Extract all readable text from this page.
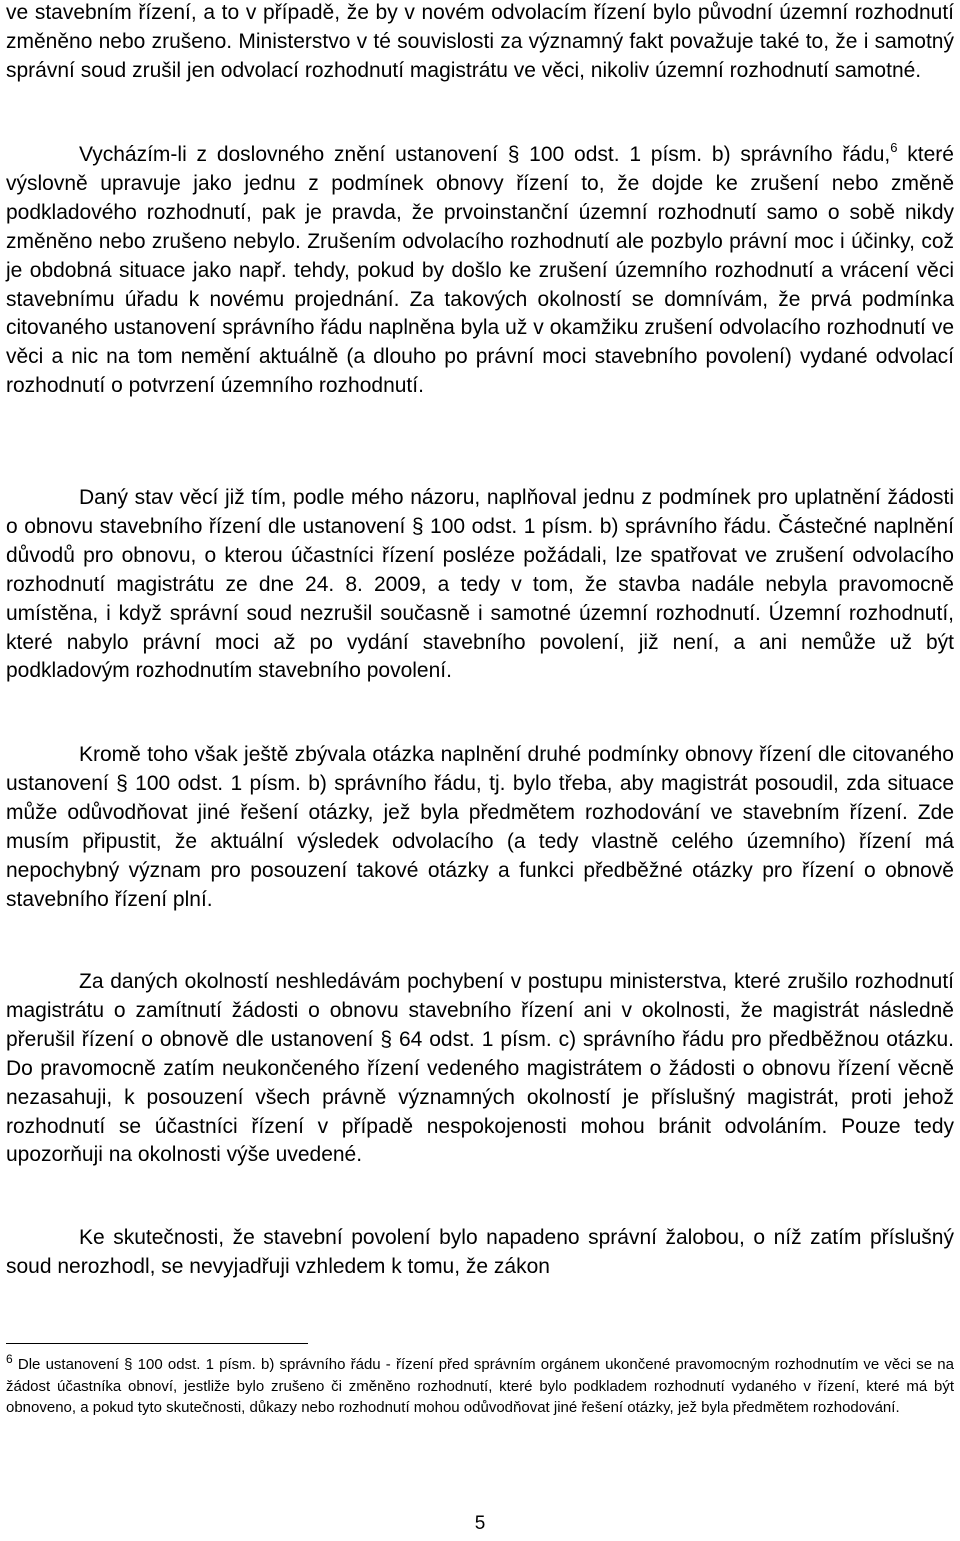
ve stavebním řízení, a to v případě, že by v novém odvolacím řízení bylo původní územní rozhodnutí změněno nebo zrušeno. Ministerstvo v té souvislosti za významný fakt považuje také to, že i samotný správní soud zrušil jen odvolací rozhodnutí magistrátu ve věci, nikoliv územní rozhodnutí samotné.

Vycházím-li z doslovného znění ustanovení § 100 odst. 1 písm. b) správního řádu,$^6$ které výslovně upravuje jako jednu z podmínek obnovy řízení to, že dojde ke zrušení nebo změně podkladového rozhodnutí, pak je pravda, že prvoinstanční územní rozhodnutí samo o sobě nikdy změněno nebo zrušeno nebylo. Zrušením odvolacího rozhodnutí ale pozbylo právní moc i účinky, což je obdobná situace jako např. tehdy, pokud by došlo ke zrušení územního rozhodnutí a vrácení věci stavebnímu úřadu k novému projednání. Za takových okolností se domnívám, že prvá podmínka citovaného ustanovení správního řádu naplněna byla už v okamžiku zrušení odvolacího rozhodnutí ve věci a nic na tom nemění aktuálně (a dlouho po právní moci stavebního povolení) vydané odvolací rozhodnutí o potvrzení územního rozhodnutí.

Daný stav věcí již tím, podle mého názoru, naplňoval jednu z podmínek pro uplatnění žádosti o obnovu stavebního řízení dle ustanovení § 100 odst. 1 písm. b) správního řádu. Částečné naplnění důvodů pro obnovu, o kterou účastníci řízení posléze požádali, lze spatřovat ve zrušení odvolacího rozhodnutí magistrátu ze dne 24. 8. 2009, a tedy v tom, že stavba nadále nebyla pravomocně umístěna, i když správní soud nezrušil současně i samotné územní rozhodnutí. Územní rozhodnutí, které nabylo právní moci až po vydání stavebního povolení, již není, a ani nemůže už být podkladovým rozhodnutím stavebního povolení.

Kromě toho však ještě zbývala otázka naplnění druhé podmínky obnovy řízení dle citovaného ustanovení § 100 odst. 1 písm. b) správního řádu, tj. bylo třeba, aby magistrát posoudil, zda situace může odůvodňovat jiné řešení otázky, jež byla předmětem rozhodování ve stavebním řízení. Zde musím připustit, že aktuální výsledek odvolacího (a tedy vlastně celého územního) řízení má nepochybný význam pro posouzení takové otázky a funkci předběžné otázky pro řízení o obnově stavebního řízení plní.

Za daných okolností neshledávám pochybení v postupu ministerstva, které zrušilo rozhodnutí magistrátu o zamítnutí žádosti o obnovu stavebního řízení ani v okolnosti, že magistrát následně přerušil řízení o obnově dle ustanovení § 64 odst. 1 písm. c) správního řádu pro předběžnou otázku. Do pravomocně zatím neukončeného řízení vedeného magistrátem o žádosti o obnovu řízení věcně nezasahuji, k posouzení všech právně významných okolností je příslušný magistrát, proti jehož rozhodnutí se účastníci řízení v případě nespokojenosti mohou bránit odvoláním. Pouze tedy upozorňuji na okolnosti výše uvedené.

Ke skutečnosti, že stavební povolení bylo napadeno správní žalobou, o níž zatím příslušný soud nerozhodl, se nevyjadřuji vzhledem k tomu, že zákon

$^6$ Dle ustanovení § 100 odst. 1 písm. b) správního řádu - řízení před správním orgánem ukončené pravomocným rozhodnutím ve věci se na žádost účastníka obnoví, jestliže bylo zrušeno či změněno rozhodnutí, které bylo podkladem rozhodnutí vydaného v řízení, které má být obnoveno, a pokud tyto skutečnosti, důkazy nebo rozhodnutí mohou odůvodňovat jiné řešení otázky, jež byla předmětem rozhodování.

5
